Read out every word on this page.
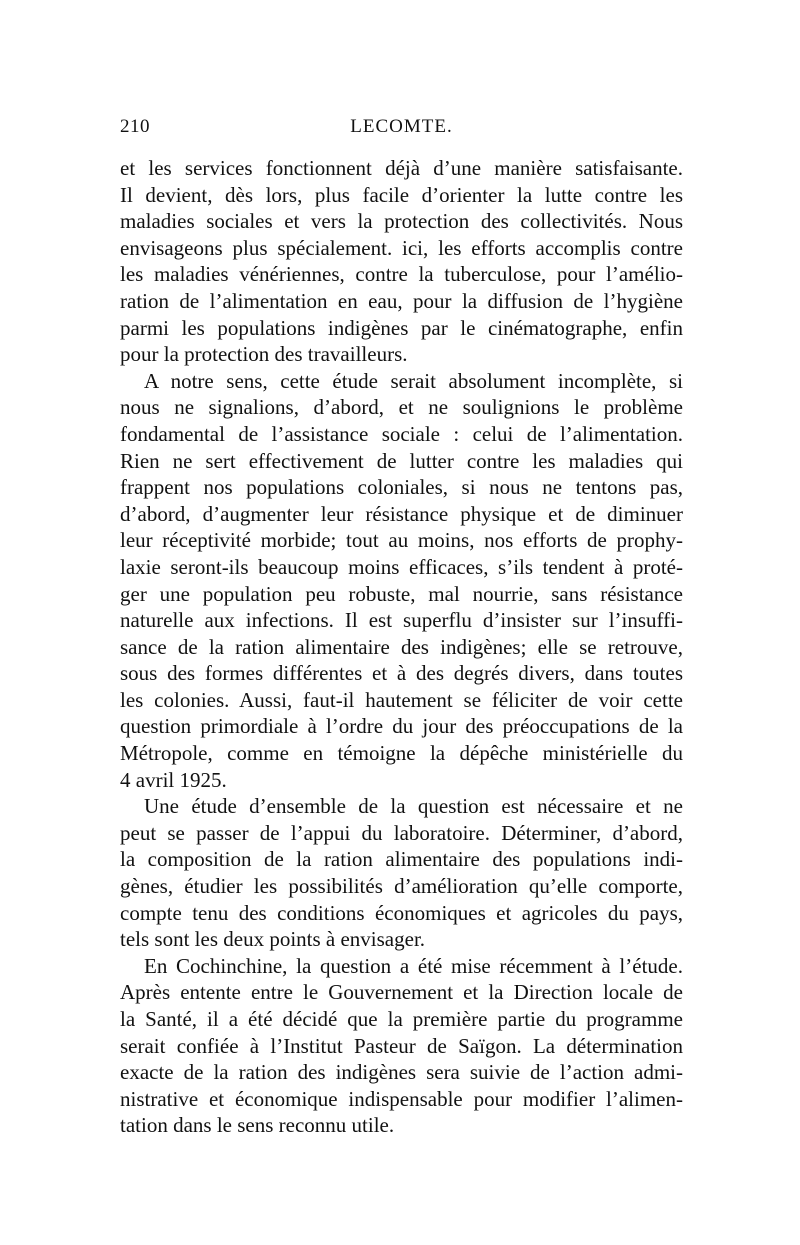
210	LECOMTE.
et les services fonctionnent déjà d’une manière satisfaisante.
Il devient, dès lors, plus facile d’orienter la lutte contre les
maladies sociales et vers la protection des collectivités. Nous
envisageons plus spécialement. ici, les efforts accomplis contre
les maladies vénériennes, contre la tuberculose, pour l’amélio-
ration de l’alimentation en eau, pour la diffusion de l’hygiène
parmi les populations indigènes par le cinématographe, enfin
pour la protection des travailleurs.
A notre sens, cette étude serait absolument incomplète, si
nous ne signalions, d’abord, et ne soulignions le problème
fondamental de l’assistance sociale : celui de l’alimentation.
Rien ne sert effectivement de lutter contre les maladies qui
frappent nos populations coloniales, si nous ne tentons pas,
d’abord, d’augmenter leur résistance physique et de diminuer
leur réceptivité morbide; tout au moins, nos efforts de prophy-
laxie seront-ils beaucoup moins efficaces, s’ils tendent à proté-
ger une population peu robuste, mal nourrie, sans résistance
naturelle aux infections. Il est superflu d’insister sur l’insuffi-
sance de la ration alimentaire des indigènes; elle se retrouve,
sous des formes différentes et à des degrés divers, dans toutes
les colonies. Aussi, faut-il hautement se féliciter de voir cette
question primordiale à l’ordre du jour des préoccupations de la
Métropole, comme en témoigne la dépêche ministérielle du
4 avril 1925.
Une étude d’ensemble de la question est nécessaire et ne
peut se passer de l’appui du laboratoire. Déterminer, d’abord,
la composition de la ration alimentaire des populations indi-
gènes, étudier les possibilités d’amélioration qu’elle comporte,
compte tenu des conditions économiques et agricoles du pays,
tels sont les deux points à envisager.
En Cochinchine, la question a été mise récemment à l’étude.
Après entente entre le Gouvernement et la Direction locale de
la Santé, il a été décidé que la première partie du programme
serait confiée à l’Institut Pasteur de Saïgon. La détermination
exacte de la ration des indigènes sera suivie de l’action admi-
nistrative et économique indispensable pour modifier l’alimen-
tation dans le sens reconnu utile.
